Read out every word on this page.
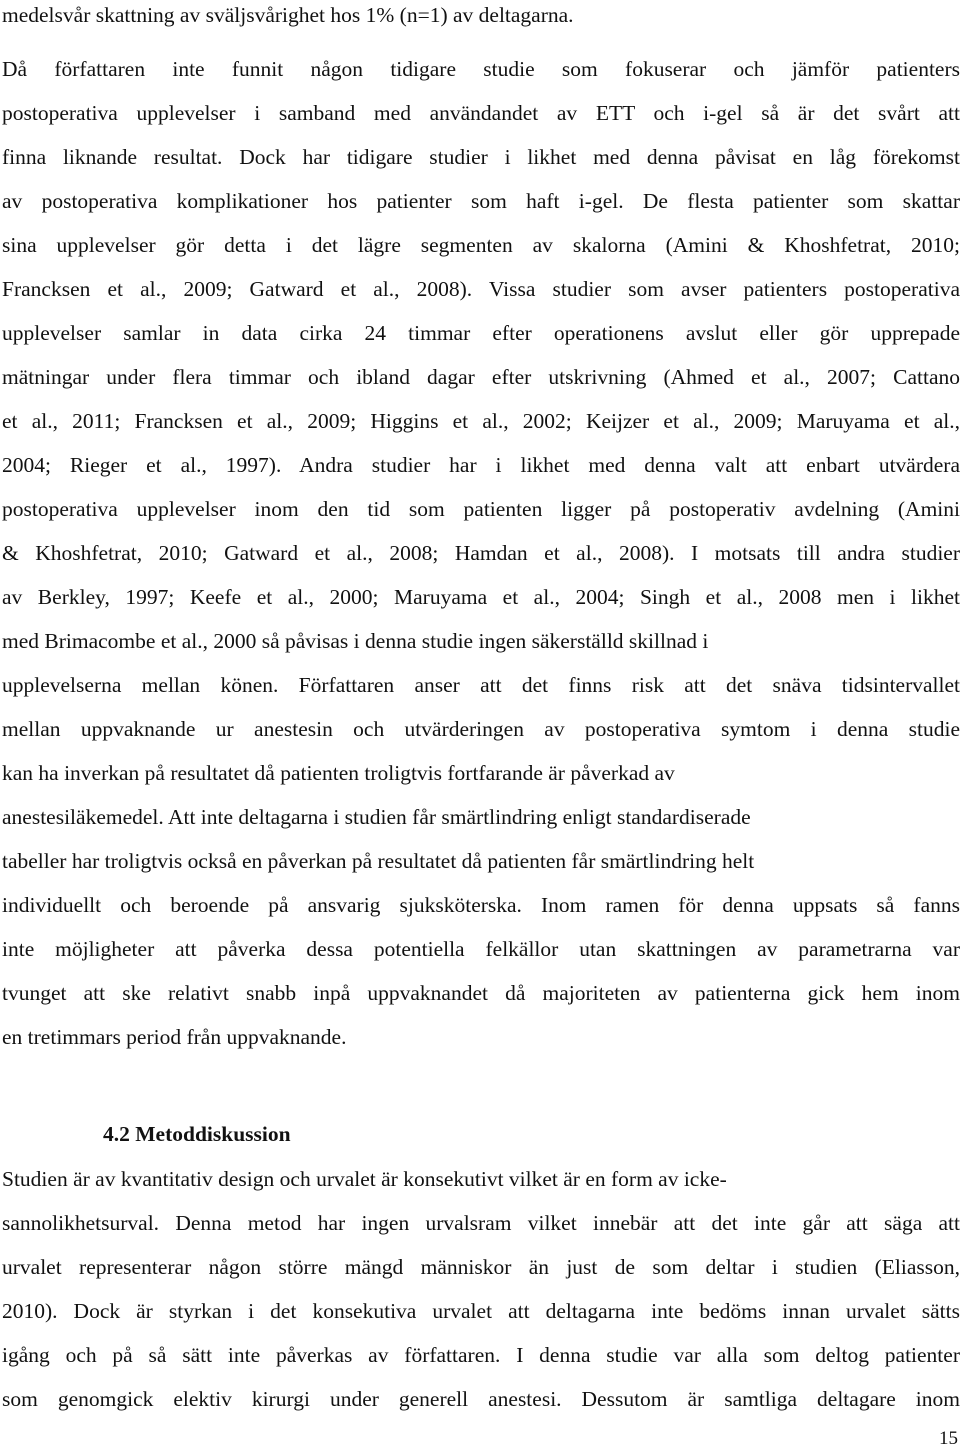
medelsvår skattning av sväljsvårighet hos 1% (n=1) av deltagarna.
Då författaren inte funnit någon tidigare studie som fokuserar och jämför patienters
postoperativa upplevelser i samband med användandet av ETT och i-gel så är det svårt att
finna liknande resultat. Dock har tidigare studier i likhet med denna påvisat en låg förekomst
av postoperativa komplikationer hos patienter som haft i-gel. De flesta patienter som skattar
sina upplevelser gör detta i det lägre segmenten av skalorna (Amini & Khoshfetrat, 2010;
Francksen et al., 2009; Gatward et al., 2008). Vissa studier som avser patienters postoperativa
upplevelser samlar in data cirka 24 timmar efter operationens avslut eller gör upprepade
mätningar under flera timmar och ibland dagar efter utskrivning (Ahmed et al., 2007; Cattano
et al., 2011; Francksen et al., 2009; Higgins et al., 2002; Keijzer et al., 2009; Maruyama et al.,
2004; Rieger et al., 1997). Andra studier har i likhet med denna valt att enbart utvärdera
postoperativa upplevelser inom den tid som patienten ligger på postoperativ avdelning (Amini
& Khoshfetrat, 2010; Gatward et al., 2008; Hamdan et al., 2008). I motsats till andra studier
av Berkley, 1997; Keefe et al., 2000; Maruyama et al., 2004; Singh et al., 2008 men i likhet
med Brimacombe et al., 2000 så påvisas i denna studie ingen säkerställd skillnad i
upplevelserna mellan könen. Författaren anser att det finns risk att det snäva tidsintervallet
mellan uppvaknande ur anestesin och utvärderingen av postoperativa symtom i denna studie
kan ha inverkan på resultatet då patienten troligtvis fortfarande är påverkad av
anestesiläkemedel. Att inte deltagarna i studien får smärtlindring enligt standardiserade
tabeller har troligtvis också en påverkan på resultatet då patienten får smärtlindring helt
individuellt och beroende på ansvarig sjuksköterska. Inom ramen för denna uppsats så fanns
inte möjligheter att påverka dessa potentiella felkällor utan skattningen av parametrarna var
tvunget att ske relativt snabb inpå uppvaknandet då majoriteten av patienterna gick hem inom
en tretimmars period från uppvaknande.
4.2 Metoddiskussion
Studien är av kvantitativ design och urvalet är konsekutivt vilket är en form av icke-
sannolikhetsurval. Denna metod har ingen urvalsram vilket innebär att det inte går att säga att
urvalet representerar någon större mängd människor än just de som deltar i studien (Eliasson,
2010). Dock är styrkan i det konsekutiva urvalet att deltagarna inte bedöms innan urvalet sätts
igång och på så sätt inte påverkas av författaren. I denna studie var alla som deltog patienter
som genomgick elektiv kirurgi under generell anestesi. Dessutom är samtliga deltagare inom
15
